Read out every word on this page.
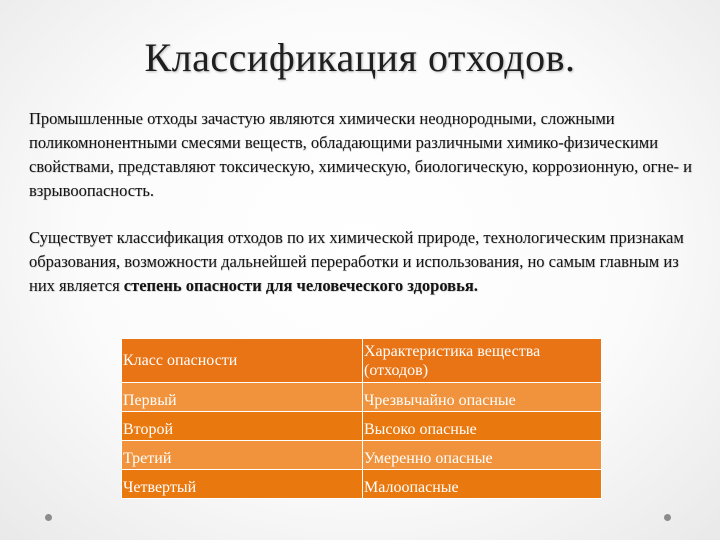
Классификация отходов.

Промышленные отходы зачастую являются химически неоднородными, сложными поликомнонентными смесями веществ, обладающими различными химико-физическими свойствами, представляют токсическую, химическую, биологическую, коррозионную, огне- и взрывоопасность.

Существует классификация отходов по их химической природе, технологическим признакам образования, возможности дальнейшей переработки и использования, но самым главным из них является степень опасности для человеческого здоровья.

Класс опасности	Характеристика вещества (отходов)
Первый	Чрезвычайно опасные
Второй	Высоко опасные
Третий	Умеренно опасные
Четвертый	Малоопасные
